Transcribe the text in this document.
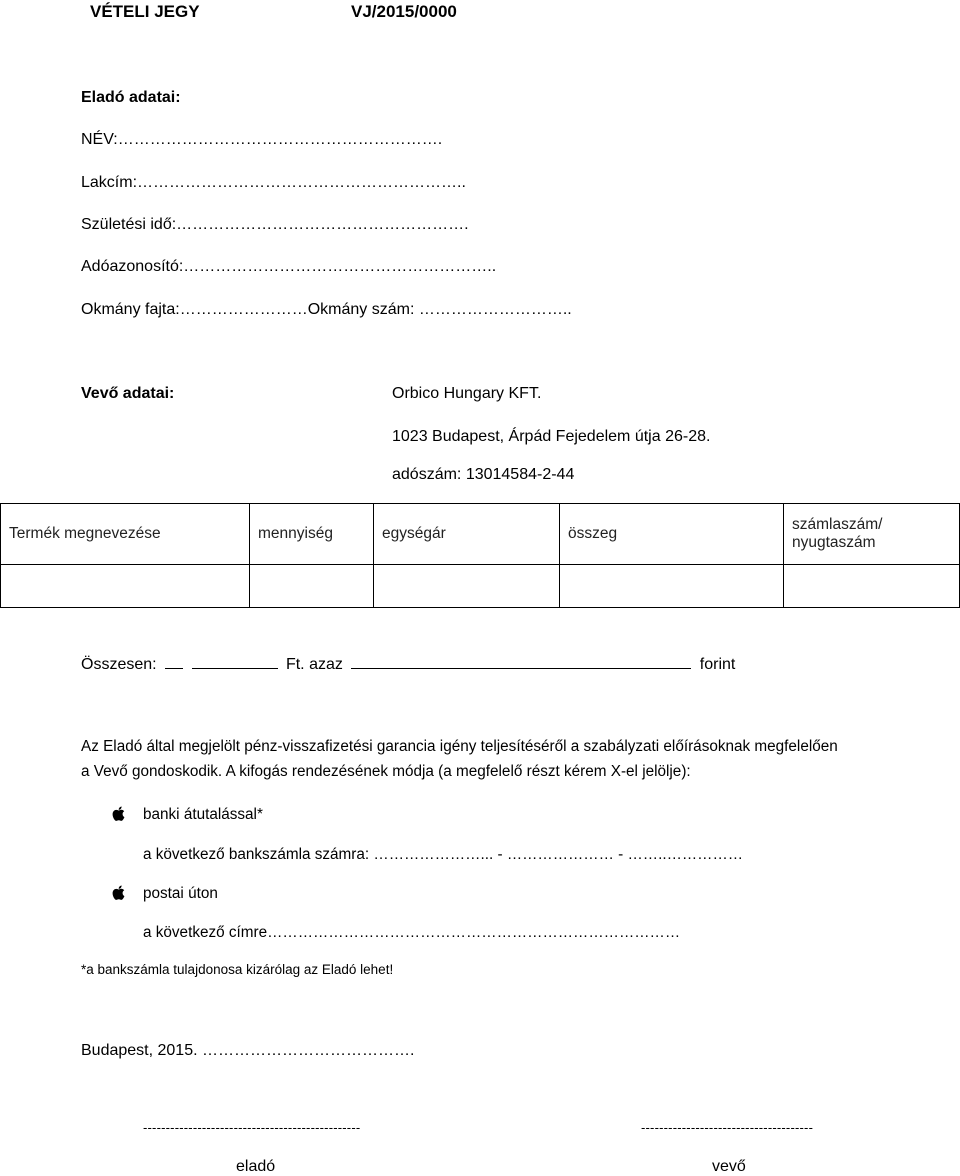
VÉTELI JEGY	VJ/2015/0000
Eladó adatai:
NÉV:…………………………………………………….
Lakcím:……………………………………………………..
Születési idő:……………………………………………….
Adóazonosító:…………………………………………………..
Okmány fajta:……………………Okmány szám: ………………………..
Vevő adatai:	Orbico Hungary KFT.
1023 Budapest, Árpád Fejedelem útja 26-28.
adószám: 13014584-2-44
Termék megnevezése	mennyiség	egységár	összeg	számlaszám/ nyugtaszám

Összesen:	Ft. azaz	forint
Az Eladó által megjelölt pénz-visszafizetési garancia igény teljesítéséről a szabályzati előírásoknak megfelelően
a Vevő gondoskodik. A kifogás rendezésének módja (a megfelelő részt kérem X-el jelölje):
banki átutalással*
a következő bankszámla számra: …………………... - ………………… - ……..……………
postai úton
a következő címre………………………………………………………………………
*a bankszámla tulajdonosa kizárólag az Eladó lehet!
Budapest, 2015. ………………………………….
------------------------------------------------
eladó
--------------------------------------
vevő
